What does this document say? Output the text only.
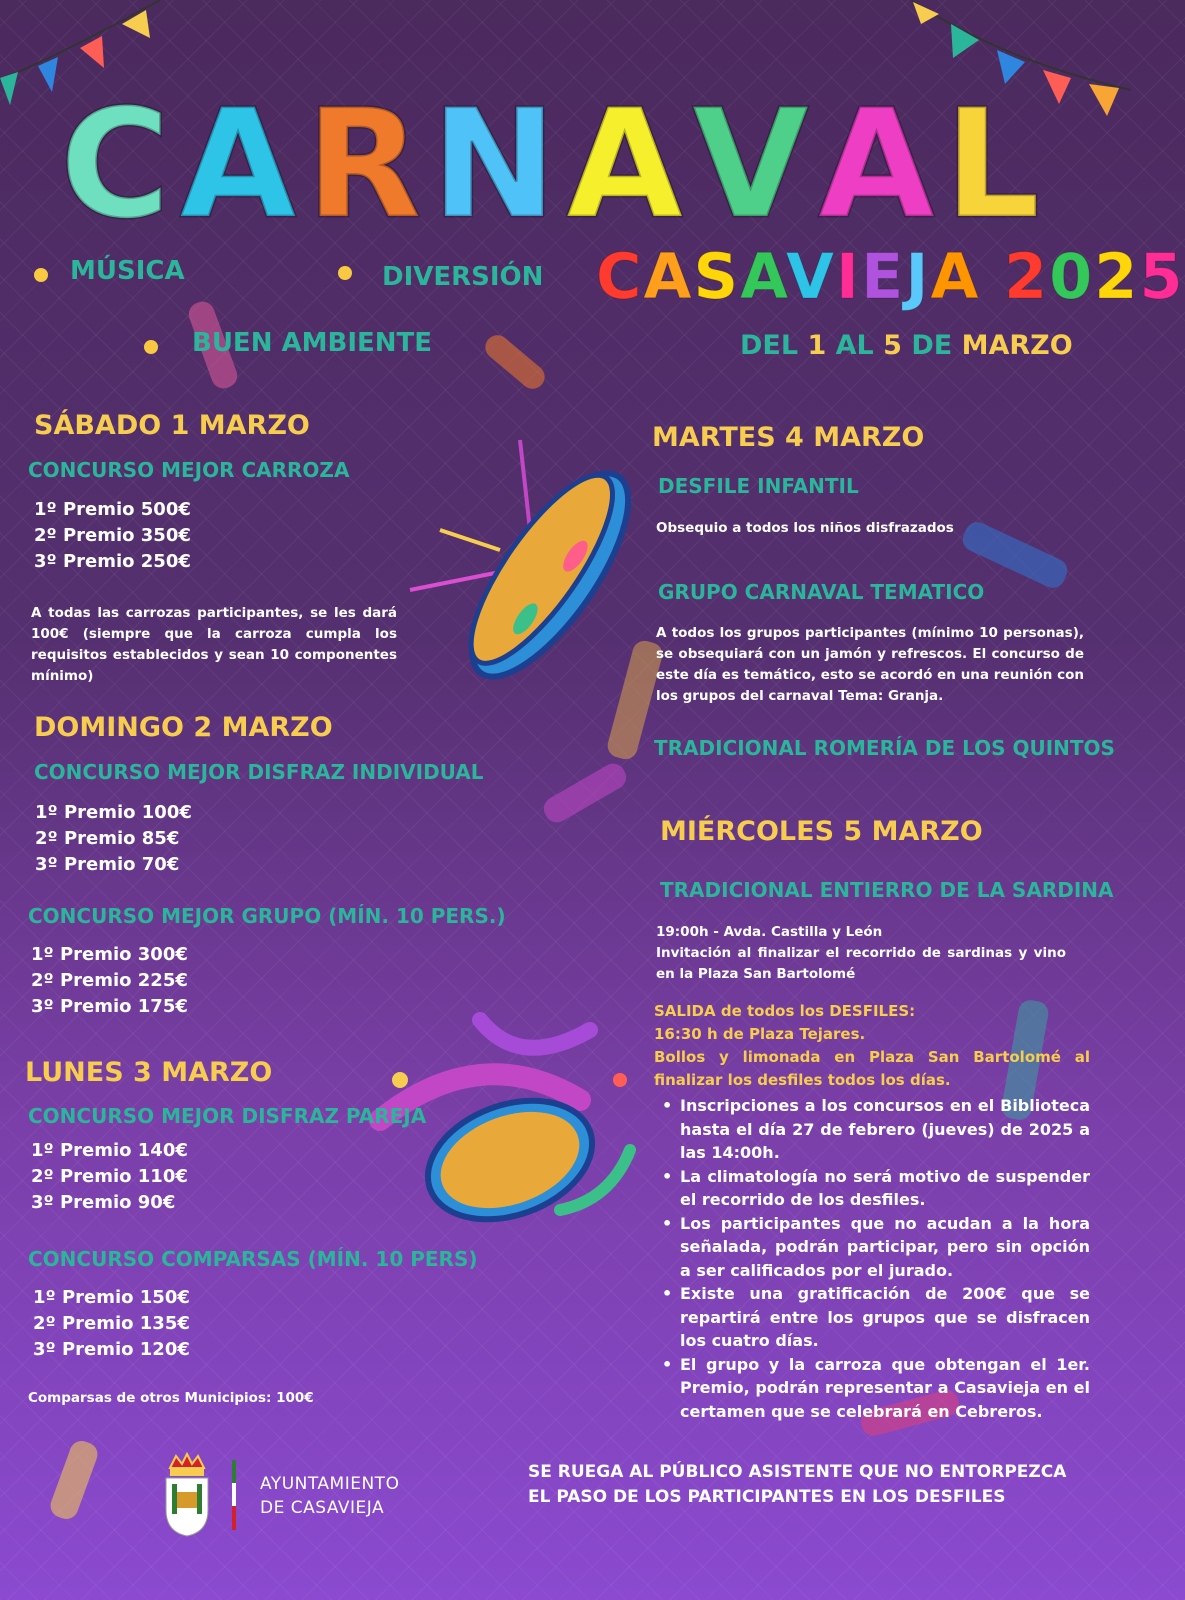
C A R N A V A L
CASAVIEJA 2025
MÚSICA	DIVERSIÓN
BUEN AMBIENTE	DEL 1 AL 5 DE MARZO
SÁBADO 1 MARZO
CONCURSO MEJOR CARROZA
1º Premio 500€
2º Premio 350€
3º Premio 250€
A todas las carrozas participantes, se les dará 100€ (siempre que la carroza cumpla los requisitos establecidos y sean 10 componentes mínimo)
DOMINGO 2 MARZO
CONCURSO MEJOR DISFRAZ INDIVIDUAL
1º Premio 100€
2º Premio 85€
3º Premio 70€
CONCURSO MEJOR GRUPO (MÍN. 10 PERS.)
1º Premio 300€
2º Premio 225€
3º Premio 175€
LUNES 3 MARZO
CONCURSO MEJOR DISFRAZ PAREJA
1º Premio 140€
2º Premio 110€
3º Premio 90€
CONCURSO COMPARSAS (MÍN. 10 PERS)
1º Premio 150€
2º Premio 135€
3º Premio 120€
Comparsas de otros Municipios: 100€
MARTES 4 MARZO
DESFILE INFANTIL
Obsequio a todos los niños disfrazados
GRUPO CARNAVAL TEMATICO
A todos los grupos participantes (mínimo 10 personas), se obsequiará con un jamón y refrescos. El concurso de este día es temático, esto se acordó en una reunión con los grupos del carnaval Tema: Granja.
TRADICIONAL ROMERÍA DE LOS QUINTOS
MIÉRCOLES 5 MARZO
TRADICIONAL ENTIERRO DE LA SARDINA
19:00h - Avda. Castilla y León
Invitación al finalizar el recorrido de sardinas y vino en la Plaza San Bartolomé
SALIDA de todos los DESFILES:
16:30 h de Plaza Tejares.
Bollos y limonada en Plaza San Bartolomé al finalizar los desfiles todos los días.
• Inscripciones a los concursos en el Biblioteca hasta el día 27 de febrero (jueves) de 2025 a las 14:00h.
• La climatología no será motivo de suspender el recorrido de los desfiles.
• Los participantes que no acudan a la hora señalada, podrán participar, pero sin opción a ser calificados por el jurado.
• Existe una gratificación de 200€ que se repartirá entre los grupos que se disfracen los cuatro días.
• El grupo y la carroza que obtengan el 1er. Premio, podrán representar a Casavieja en el certamen que se celebrará en Cebreros.
AYUNTAMIENTO
DE CASAVIEJA
SE RUEGA AL PÚBLICO ASISTENTE QUE NO ENTORPEZCA EL PASO DE LOS PARTICIPANTES EN LOS DESFILES
